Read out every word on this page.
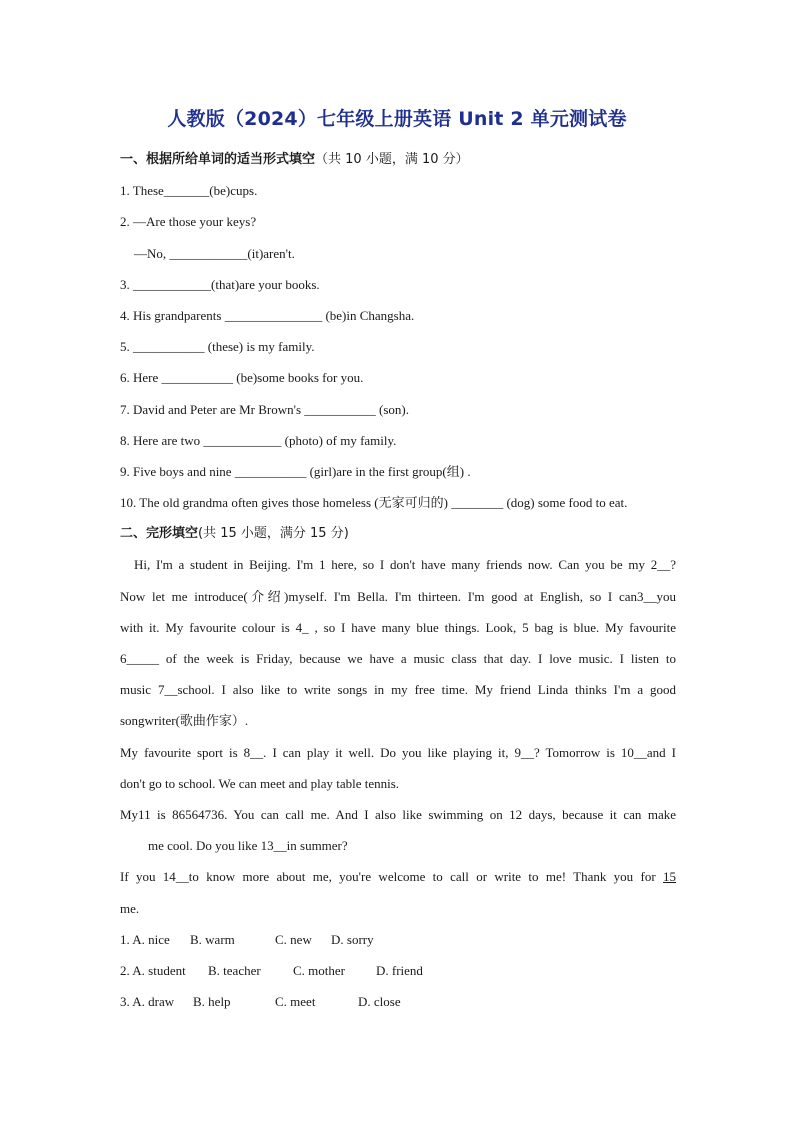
人教版（2024）七年级上册英语 Unit 2 单元测试卷
一、根据所给单词的适当形式填空（共 10 小题，满 10 分）
1. These_______(be)cups.
2. —Are those your keys?
—No, ____________(it)aren't.
3. ____________(that)are your books.
4. His grandparents _______________ (be)in Changsha.
5. ___________ (these) is my family.
6. Here ___________ (be)some books for you.
7. David and Peter are Mr Brown's ___________ (son).
8. Here are two ____________ (photo) of my family.
9. Five boys and nine ___________ (girl)are in the first group(组) .
10. The old grandma often gives those homeless (无家可归的) ________ (dog) some food to eat.
二、完形填空(共 15 小题，满分 15 分)
Hi, I'm a student in Beijing. I'm 1 here, so I don't have many friends now. Can you be my 2__?
Now let me introduce(介绍)myself. I'm Bella. I'm thirteen. I'm good at English, so I can3__you
with it. My favourite colour is 4_ , so I have many blue things. Look, 5 bag is blue. My favourite
6_____ of the week is Friday, because we have a music class that day. I love music. I listen to
music 7__school. I also like to write songs in my free time. My friend Linda thinks I'm a good
songwriter(歌曲作家）.
My favourite sport is 8__. I can play it well. Do you like playing it, 9__? Tomorrow is 10__and I
don't go to school. We can meet and play table tennis.
My11 is 86564736. You can call me. And I also like swimming on 12 days, because it can make
me cool. Do you like 13__in summer?
If you 14__to know more about me, you're welcome to call or write to me! Thank you for 15
me.
1. A. nice B. warm	C. new D. sorry
2. A. student B. teacher C. mother D. friend
3. A. draw B. help	C. meet	D. close
